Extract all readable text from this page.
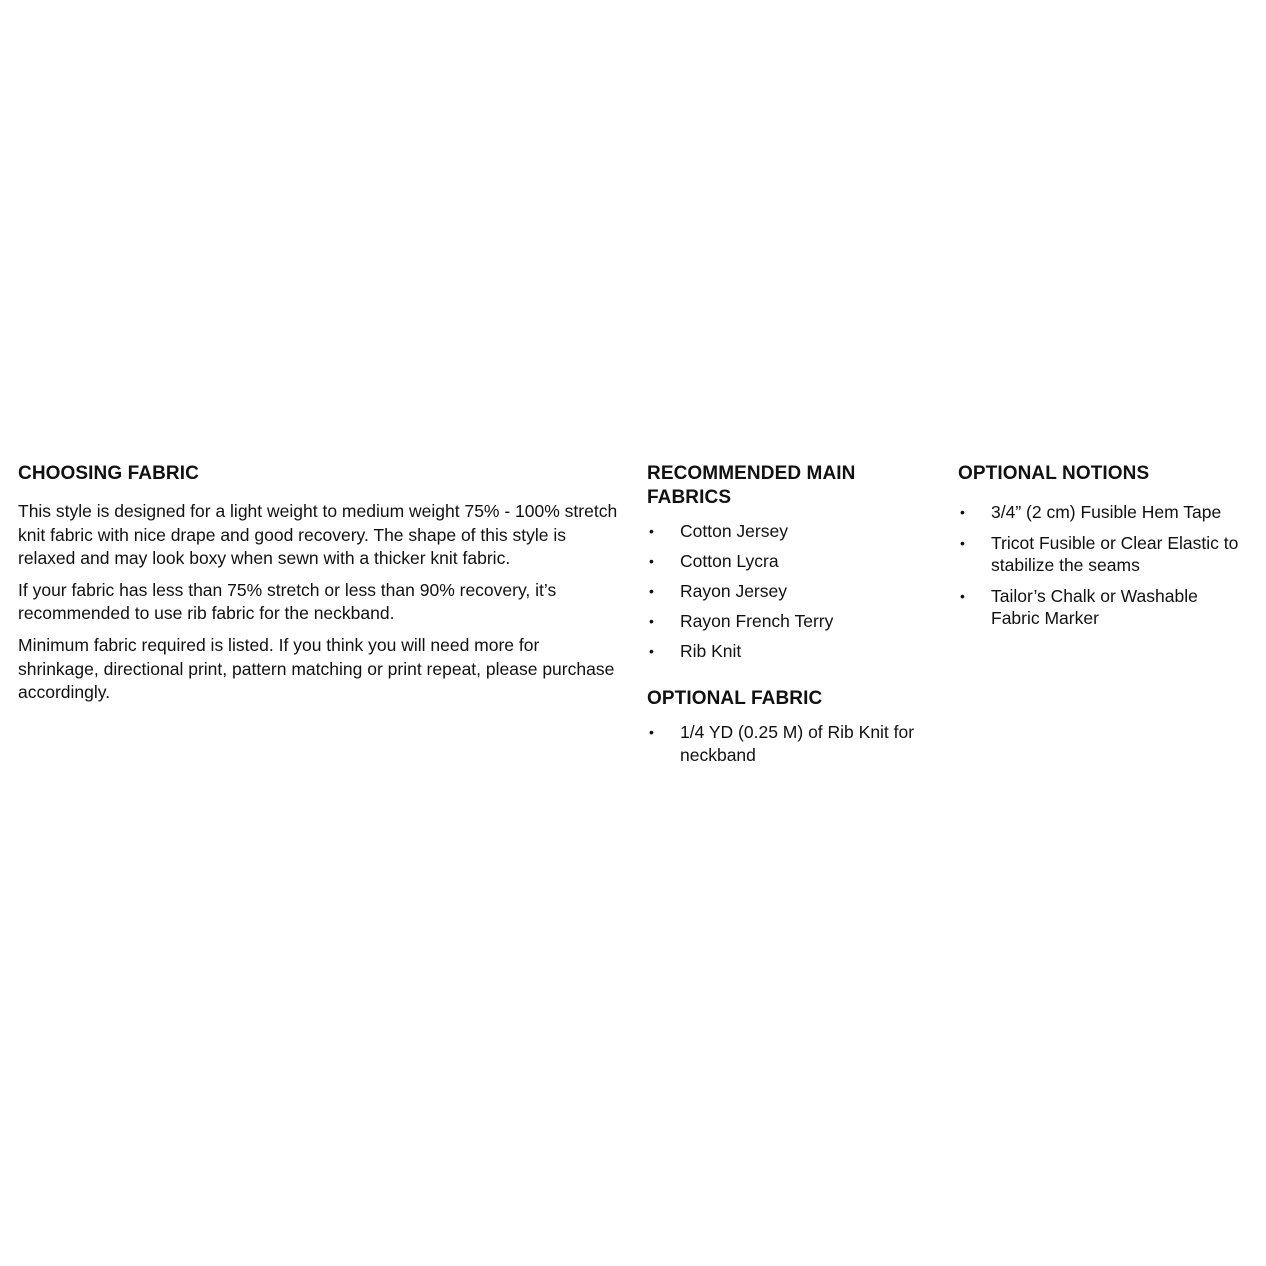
CHOOSING FABRIC

This style is designed for a light weight to medium weight 75% - 100% stretch knit fabric with nice drape and good recovery. The shape of this style is relaxed and may look boxy when sewn with a thicker knit fabric.

If your fabric has less than 75% stretch or less than 90% recovery, it’s recommended to use rib fabric for the neckband.

Minimum fabric required is listed. If you think you will need more for shrinkage, directional print, pattern matching or print repeat, please purchase accordingly.

RECOMMENDED MAIN FABRICS
•	Cotton Jersey
•	Cotton Lycra
•	Rayon Jersey
•	Rayon French Terry
•	Rib Knit
OPTIONAL FABRIC
•	1/4 YD (0.25 M) of Rib Knit for neckband
OPTIONAL NOTIONS
•	3/4” (2 cm) Fusible Hem Tape
•	Tricot Fusible or Clear Elastic to stabilize the seams
•	Tailor’s Chalk or Washable Fabric Marker
